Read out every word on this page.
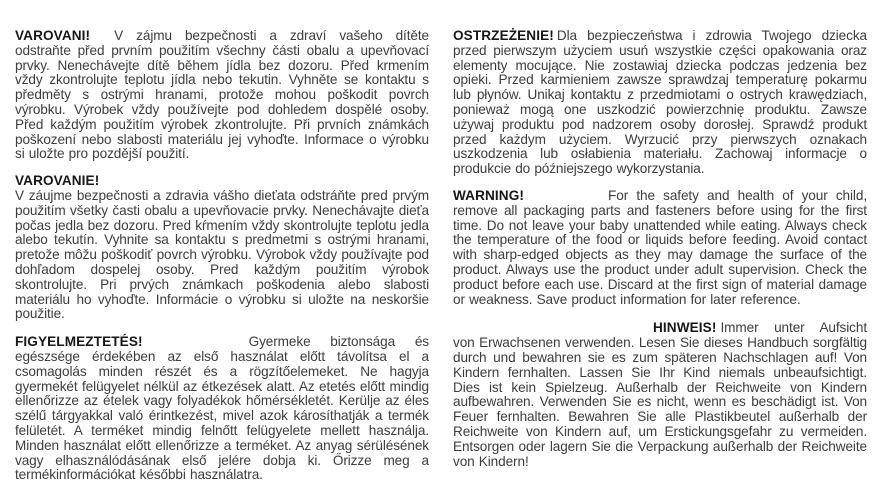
VAROVANI! V zájmu bezpečnosti a zdraví vašeho dítěte odstraňte před prvním použitím všechny části obalu a upevňovací prvky. Nenechávejte dítě během jídla bez dozoru. Před krmením vždy zkontrolujte teplotu jídla nebo tekutin. Vyhněte se kontaktu s předměty s ostrými hranami, protože mohou poškodit povrch výrobku. Výrobek vždy používejte pod dohledem dospělé osoby. Před každým použitím výrobek zkontrolujte. Při prvních známkách poškození nebo slabosti materiálu jej vyhoďte. Informace o výrobku si uložte pro pozdější použití.

VAROVANIE!
V záujme bezpečnosti a zdravia vášho dieťata odstráňte pred prvým použitím všetky časti obalu a upevňovacie prvky. Nenechávajte dieťa počas jedla bez dozoru. Pred kŕmením vždy skontrolujte teplotu jedla alebo tekutín. Vyhnite sa kontaktu s predmetmi s ostrými hranami, pretože môžu poškodiť povrch výrobku. Výrobok vždy používajte pod dohľadom dospelej osoby. Pred každým použitím výrobok skontrolujte. Pri prvých známkach poškodenia alebo slabosti materiálu ho vyhoďte. Informácie o výrobku si uložte na neskoršie použitie.

FIGYELMEZTETÉS!	Gyermeke biztonsága és egészsége érdekében az első használat előtt távolítsa el a csomagolás minden részét és a rögzítőelemeket. Ne hagyja gyermekét felügyelet nélkül az étkezések alatt. Az etetés előtt mindig ellenőrizze az ételek vagy folyadékok hőmérsékletét. Kerülje az éles szélű tárgyakkal való érintkezést, mivel azok károsíthatják a termék felületét. A terméket mindig felnőtt felügyelete mellett használja. Minden használat előtt ellenőrizze a terméket. Az anyag sérülésének vagy elhasználódásának első jelére dobja ki. Őrizze meg a termékinformációkat későbbi használatra.

OSTRZEŻENIE! Dla bezpieczeństwa i zdrowia Twojego dziecka przed pierwszym użyciem usuń wszystkie części opakowania oraz elementy mocujące. Nie zostawiaj dziecka podczas jedzenia bez opieki. Przed karmieniem zawsze sprawdzaj temperaturę pokarmu lub płynów. Unikaj kontaktu z przedmiotami o ostrych krawędziach, ponieważ mogą one uszkodzić powierzchnię produktu. Zawsze używaj produktu pod nadzorem osoby dorosłej. Sprawdź produkt przed każdym użyciem. Wyrzucić przy pierwszych oznakach uszkodzenia lub osłabienia materiału. Zachowaj informacje o produkcie do późniejszego wykorzystania.

WARNING!	For the safety and health of your child, remove all packaging parts and fasteners before using for the first time. Do not leave your baby unattended while eating. Always check the temperature of the food or liquids before feeding. Avoid contact with sharp-edged objects as they may damage the surface of the product. Always use the product under adult supervision. Check the product before each use. Discard at the first sign of material damage or weakness. Save product information for later reference.

HINWEIS! Immer unter Aufsicht von Erwachsenen verwenden. Lesen Sie dieses Handbuch sorgfältig durch und bewahren sie es zum späteren Nachschlagen auf! Von Kindern fernhalten. Lassen Sie Ihr Kind niemals unbeaufsichtigt. Dies ist kein Spielzeug. Außerhalb der Reichweite von Kindern aufbewahren. Verwenden Sie es nicht, wenn es beschädigt ist. Von Feuer fernhalten. Bewahren Sie alle Plastikbeutel außerhalb der Reichweite von Kindern auf, um Erstickungsgefahr zu vermeiden. Entsorgen oder lagern Sie die Verpackung außerhalb der Reichweite von Kindern!
